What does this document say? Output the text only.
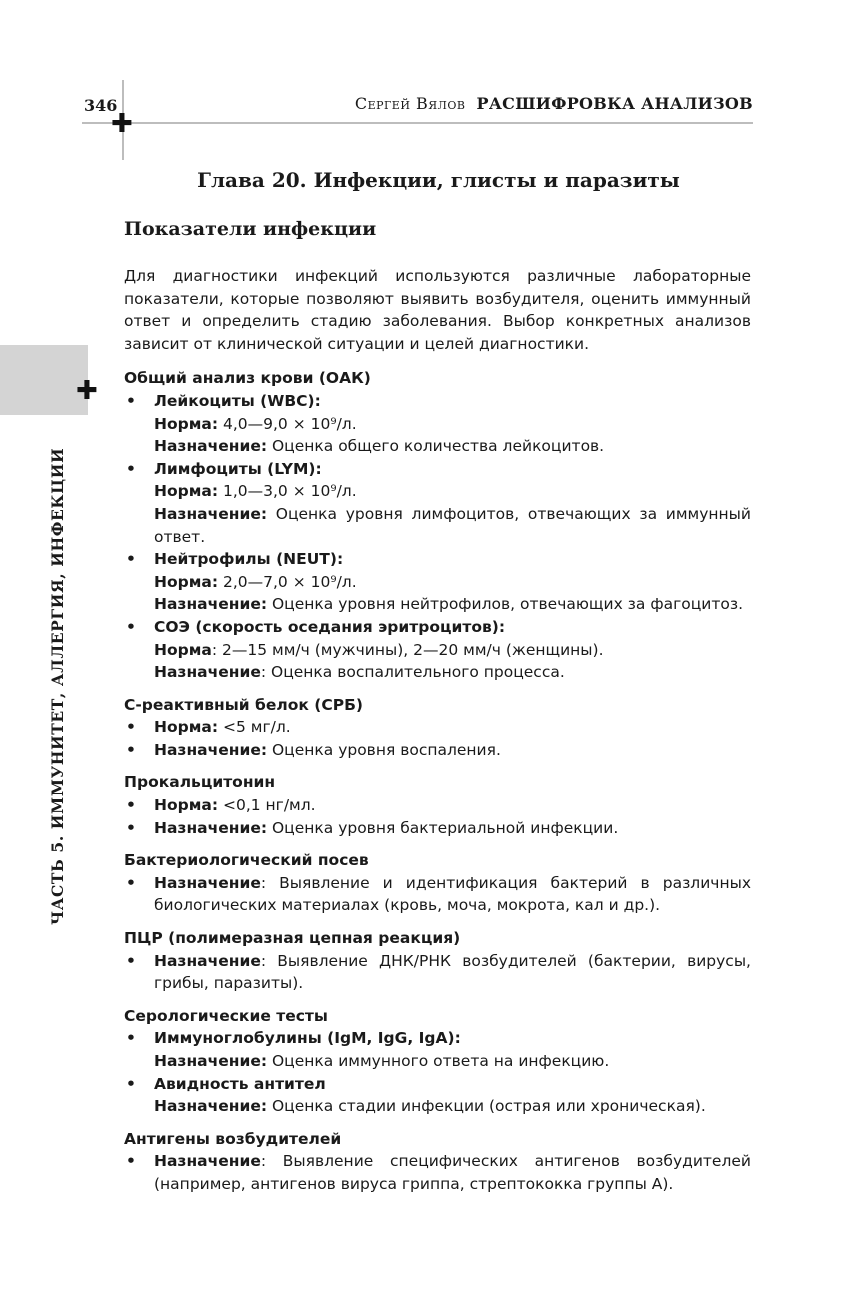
✚
346	Сергей Вялов РАСШИФРОВКА АНАЛИЗОВ
✚
ЧАСТЬ 5. ИММУНИТЕТ, АЛЛЕРГИЯ, ИНФЕКЦИИ
Глава 20. Инфекции, глисты и паразиты
Показатели инфекции

Для диагностики инфекций используются различные лабораторные показатели, которые позволяют выявить возбудителя, оценить иммунный ответ и определить стадию заболевания. Выбор конкретных анализов зависит от клинической ситуации и целей диагностики.

Общий анализ крови (ОАК)
• Лейкоциты (WBC):
Норма: 4,0—9,0 × 10⁹/л.
Назначение: Оценка общего количества лейкоцитов.
• Лимфоциты (LYM):
Норма: 1,0—3,0 × 10⁹/л.
Назначение: Оценка уровня лимфоцитов, отвечающих за иммунный ответ.
• Нейтрофилы (NEUT):
Норма: 2,0—7,0 × 10⁹/л.
Назначение: Оценка уровня нейтрофилов, отвечающих за фагоцитоз.
• СОЭ (скорость оседания эритроцитов):
Норма: 2—15 мм/ч (мужчины), 2—20 мм/ч (женщины).
Назначение: Оценка воспалительного процесса.
С-реактивный белок (СРБ)
• Норма: <5 мг/л.
• Назначение: Оценка уровня воспаления.
Прокальцитонин
• Норма: <0,1 нг/мл.
• Назначение: Оценка уровня бактериальной инфекции.
Бактериологический посев
• Назначение: Выявление и идентификация бактерий в различных биологических материалах (кровь, моча, мокрота, кал и др.).
ПЦР (полимеразная цепная реакция)
• Назначение: Выявление ДНК/РНК возбудителей (бактерии, вирусы, грибы, паразиты).
Серологические тесты
• Иммуноглобулины (IgM, IgG, IgA):
Назначение: Оценка иммунного ответа на инфекцию.
• Авидность антител
Назначение: Оценка стадии инфекции (острая или хроническая).
Антигены возбудителей
• Назначение: Выявление специфических антигенов возбудителей (например, антигенов вируса гриппа, стрептококка группы А).
